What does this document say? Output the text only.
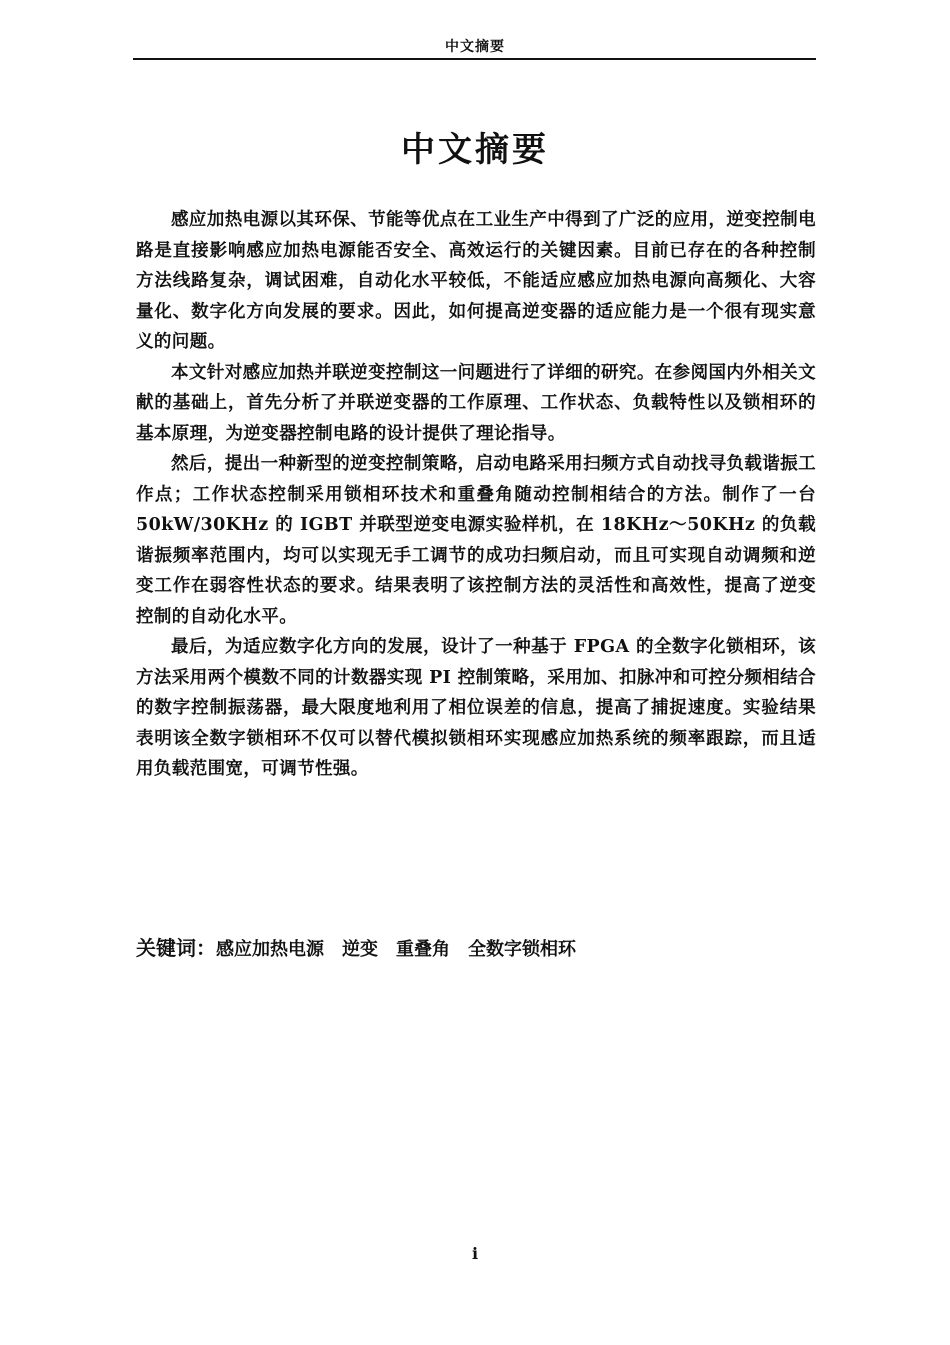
中文摘要
中文摘要

感应加热电源以其环保、节能等优点在工业生产中得到了广泛的应用，逆变控制电路是直接影响感应加热电源能否安全、高效运行的关键因素。目前已存在的各种控制方法线路复杂，调试困难，自动化水平较低，不能适应感应加热电源向高频化、大容量化、数字化方向发展的要求。因此，如何提高逆变器的适应能力是一个很有现实意义的问题。

本文针对感应加热并联逆变控制这一问题进行了详细的研究。在参阅国内外相关文献的基础上，首先分析了并联逆变器的工作原理、工作状态、负载特性以及锁相环的基本原理，为逆变器控制电路的设计提供了理论指导。

然后，提出一种新型的逆变控制策略，启动电路采用扫频方式自动找寻负载谐振工作点；工作状态控制采用锁相环技术和重叠角随动控制相结合的方法。制作了一台 50kW/30KHz 的 IGBT 并联型逆变电源实验样机，在 18KHz～50KHz 的负载谐振频率范围内，均可以实现无手工调节的成功扫频启动，而且可实现自动调频和逆变工作在弱容性状态的要求。结果表明了该控制方法的灵活性和高效性，提高了逆变控制的自动化水平。

最后，为适应数字化方向的发展，设计了一种基于 FPGA 的全数字化锁相环，该方法采用两个模数不同的计数器实现 PI 控制策略，采用加、扣脉冲和可控分频相结合的数字控制振荡器，最大限度地利用了相位误差的信息，提高了捕捉速度。实验结果表明该全数字锁相环不仅可以替代模拟锁相环实现感应加热系统的频率跟踪，而且适用负载范围宽，可调节性强。

关键词：感应加热电源 逆变 重叠角 全数字锁相环
i
